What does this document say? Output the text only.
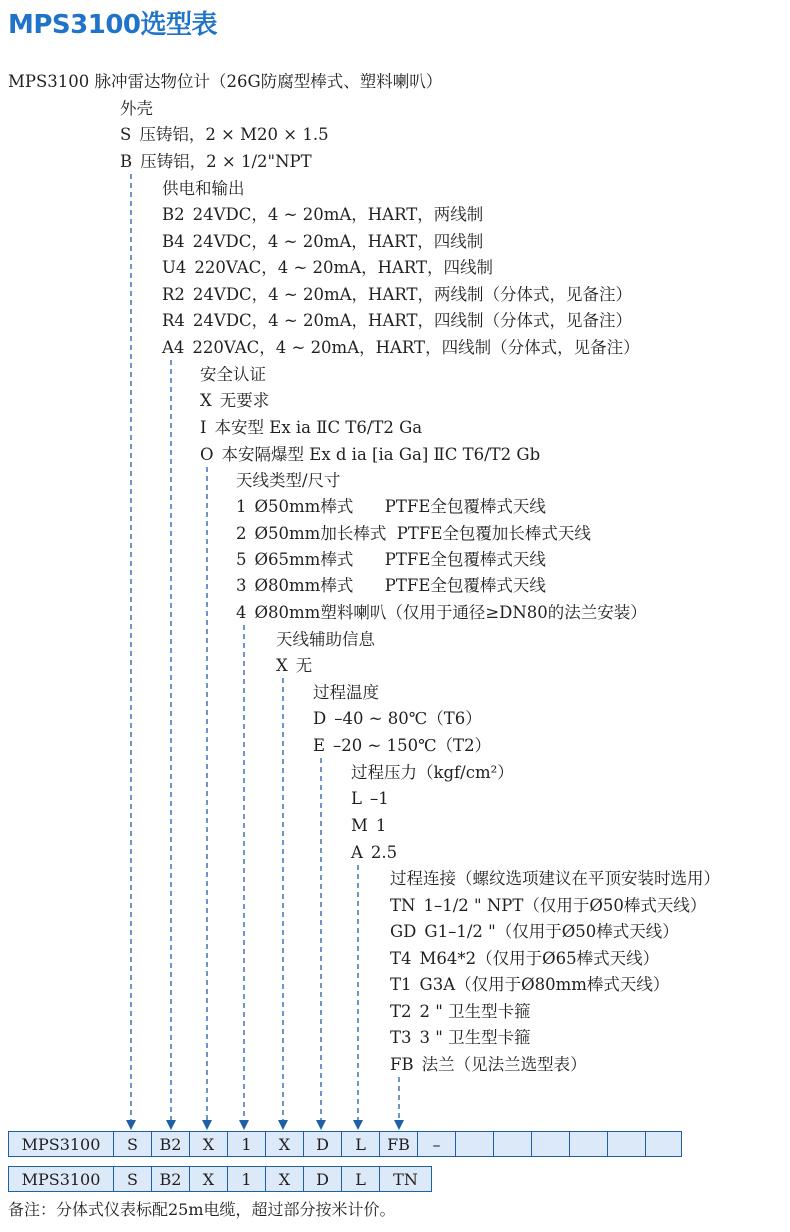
MPS3100选型表
MPS3100 脉冲雷达物位计（26G防腐型棒式、塑料喇叭）
外壳
S 压铸铝，2 × M20 × 1.5
B 压铸铝，2 × 1/2"NPT
供电和输出
B2 24VDC，4 ~ 20mA，HART，两线制
B4 24VDC，4 ~ 20mA，HART，四线制
U4 220VAC，4 ~ 20mA，HART，四线制
R2 24VDC，4 ~ 20mA，HART，两线制（分体式，见备注）
R4 24VDC，4 ~ 20mA，HART，四线制（分体式，见备注）
A4 220VAC，4 ~ 20mA，HART，四线制（分体式，见备注）
安全认证
X 无要求
I 本安型 Ex ia ⅡC T6/T2 Ga
O 本安隔爆型 Ex d ia [ia Ga] ⅡC T6/T2 Gb
天线类型/尺寸
1 Ø50mm棒式      PTFE全包覆棒式天线
2 Ø50mm加长棒式  PTFE全包覆加长棒式天线
5 Ø65mm棒式      PTFE全包覆棒式天线
3 Ø80mm棒式      PTFE全包覆棒式天线
4 Ø80mm塑料喇叭（仅用于通径≥DN80的法兰安装）
天线辅助信息
X 无
过程温度
D –40 ~ 80℃（T6）
E –20 ~ 150℃（T2）
过程压力（kgf/cm²）
L –1
M 1
A 2.5
过程连接（螺纹选项建议在平顶安装时选用）
TN 1–1/2 " NPT（仅用于Ø50棒式天线）
GD G1–1/2 "（仅用于Ø50棒式天线）
T4 M64*2（仅用于Ø65棒式天线）
T1 G3A（仅用于Ø80mm棒式天线）
T2 2 " 卫生型卡箍
T3 3 " 卫生型卡箍
FB 法兰（见法兰选型表）
MPS3100	S	B2	X	1	X	D	L	FB	–						
MPS3100	S	B2	X	1	X	D	L	TN
备注：分体式仪表标配25m电缆，超过部分按米计价。
